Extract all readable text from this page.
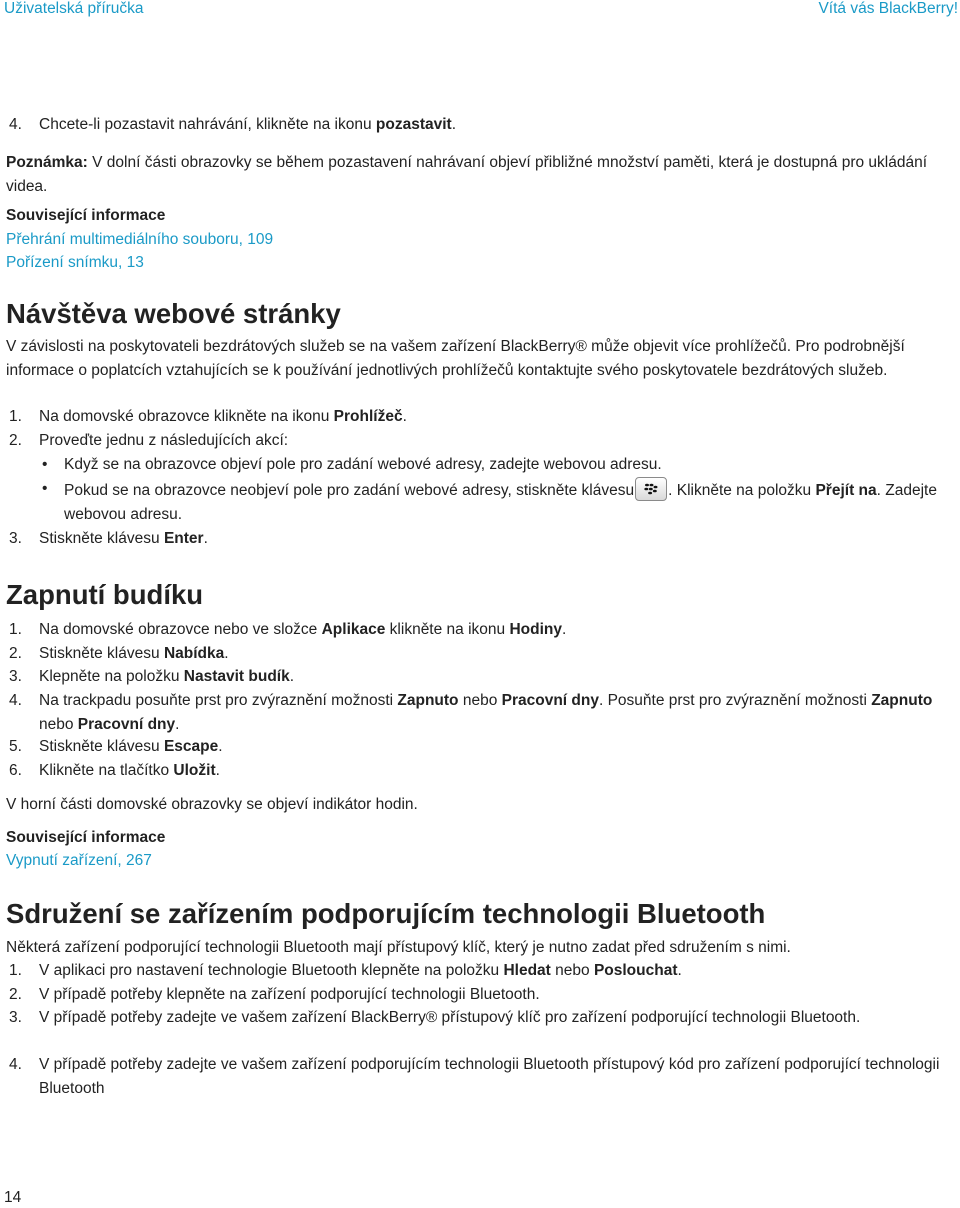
Uživatelská příručka	Vítá vás BlackBerry!
4. Chcete-li pozastavit nahrávání, klikněte na ikonu pozastavit.
Poznámka: V dolní části obrazovky se během pozastavení nahrávaní objeví přibližné množství paměti, která je dostupná pro ukládání videa.
Související informace
Přehrání multimediálního souboru, 109
Pořízení snímku, 13
Návštěva webové stránky
V závislosti na poskytovateli bezdrátových služeb se na vašem zařízení BlackBerry® může objevit více prohlížečů. Pro podrobnější informace o poplatcích vztahujících se k používání jednotlivých prohlížečů kontaktujte svého poskytovatele bezdrátových služeb.
1. Na domovské obrazovce klikněte na ikonu Prohlížeč.
2. Proveďte jednu z následujících akcí:
• Když se na obrazovce objeví pole pro zadání webové adresy, zadejte webovou adresu.
• Pokud se na obrazovce neobjeví pole pro zadání webové adresy, stiskněte klávesu . Klikněte na položku Přejít na. Zadejte webovou adresu.
3. Stiskněte klávesu Enter.
Zapnutí budíku
1. Na domovské obrazovce nebo ve složce Aplikace klikněte na ikonu Hodiny.
2. Stiskněte klávesu Nabídka.
3. Klepněte na položku Nastavit budík.
4. Na trackpadu posuňte prst pro zvýraznění možnosti Zapnuto nebo Pracovní dny. Posuňte prst pro zvýraznění možnosti Zapnuto nebo Pracovní dny.
5. Stiskněte klávesu Escape.
6. Klikněte na tlačítko Uložit.
V horní části domovské obrazovky se objeví indikátor hodin.
Související informace
Vypnutí zařízení, 267
Sdružení se zařízením podporujícím technologii Bluetooth
Některá zařízení podporující technologii Bluetooth mají přístupový klíč, který je nutno zadat před sdružením s nimi.
1. V aplikaci pro nastavení technologie Bluetooth klepněte na položku Hledat nebo Poslouchat.
2. V případě potřeby klepněte na zařízení podporující technologii Bluetooth.
3. V případě potřeby zadejte ve vašem zařízení BlackBerry® přístupový klíč pro zařízení podporující technologii Bluetooth.
4. V případě potřeby zadejte ve vašem zařízení podporujícím technologii Bluetooth přístupový kód pro zařízení podporující technologii Bluetooth
14
